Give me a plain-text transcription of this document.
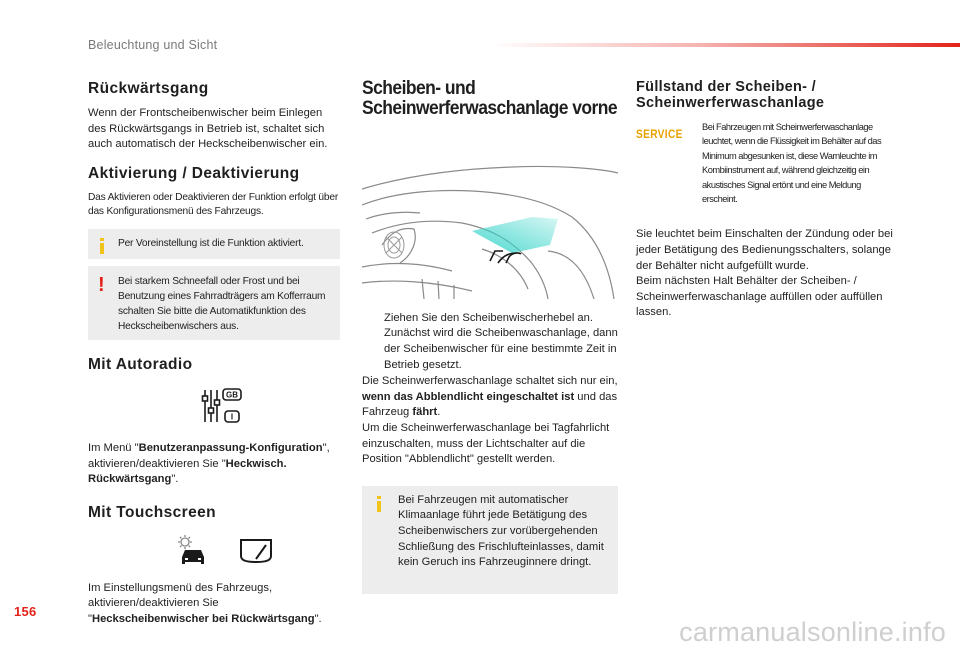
Beleuchtung und Sicht
156
carmanualsonline.info
Rückwärtsgang

Wenn der Frontscheibenwischer beim Einlegen des Rückwärtsgangs in Betrieb ist, schaltet sich auch automatisch der Heckscheibenwischer ein.

Aktivierung / Deaktivierung

Das Aktivieren oder Deaktivieren der Funktion erfolgt über das Konfigurationsmenü des Fahrzeugs.

Per Voreinstellung ist die Funktion aktiviert.

! Bei starkem Schneefall oder Frost und bei Benutzung eines Fahrradträgers am Kofferraum schalten Sie bitte die Automatikfunktion des Heckscheibenwischers aus.

Mit Autoradio
GB
I

Im Menü "Benutzeranpassung-Konfiguration", aktivieren/deaktivieren Sie "Heckwisch. Rückwärtsgang".

Mit Touchscreen

Im Einstellungsmenü des Fahrzeugs, aktivieren/deaktivieren Sie "Heckscheibenwischer bei Rückwärtsgang".

Scheiben- und
Scheinwerferwaschanlage vorne

Ziehen Sie den Scheibenwischerhebel an. Zunächst wird die Scheibenwaschanlage, dann der Scheibenwischer für eine bestimmte Zeit in Betrieb gesetzt.

Die Scheinwerferwaschanlage schaltet sich nur ein, wenn das Abblendlicht eingeschaltet ist und das Fahrzeug fährt.

Um die Scheinwerferwaschanlage bei Tagfahrlicht einzuschalten, muss der Lichtschalter auf die Position "Abblendlicht" gestellt werden.

Bei Fahrzeugen mit automatischer Klimaanlage führt jede Betätigung des Scheibenwischers zur vorübergehenden Schließung des Frischlufteinlasses, damit kein Geruch ins Fahrzeuginnere dringt.

Füllstand der Scheiben- /
Scheinwerferwaschanlage
SERVICE

Bei Fahrzeugen mit Scheinwerferwaschanlage leuchtet, wenn die Flüssigkeit im Behälter auf das Minimum abgesunken ist, diese Warnleuchte im Kombiinstrument auf, während gleichzeitig ein akustisches Signal ertönt und eine Meldung erscheint.

Sie leuchtet beim Einschalten der Zündung oder bei jeder Betätigung des Bedienungsschalters, solange der Behälter nicht aufgefüllt wurde.

Beim nächsten Halt Behälter der Scheiben- / Scheinwerferwaschanlage auffüllen oder auffüllen lassen.
